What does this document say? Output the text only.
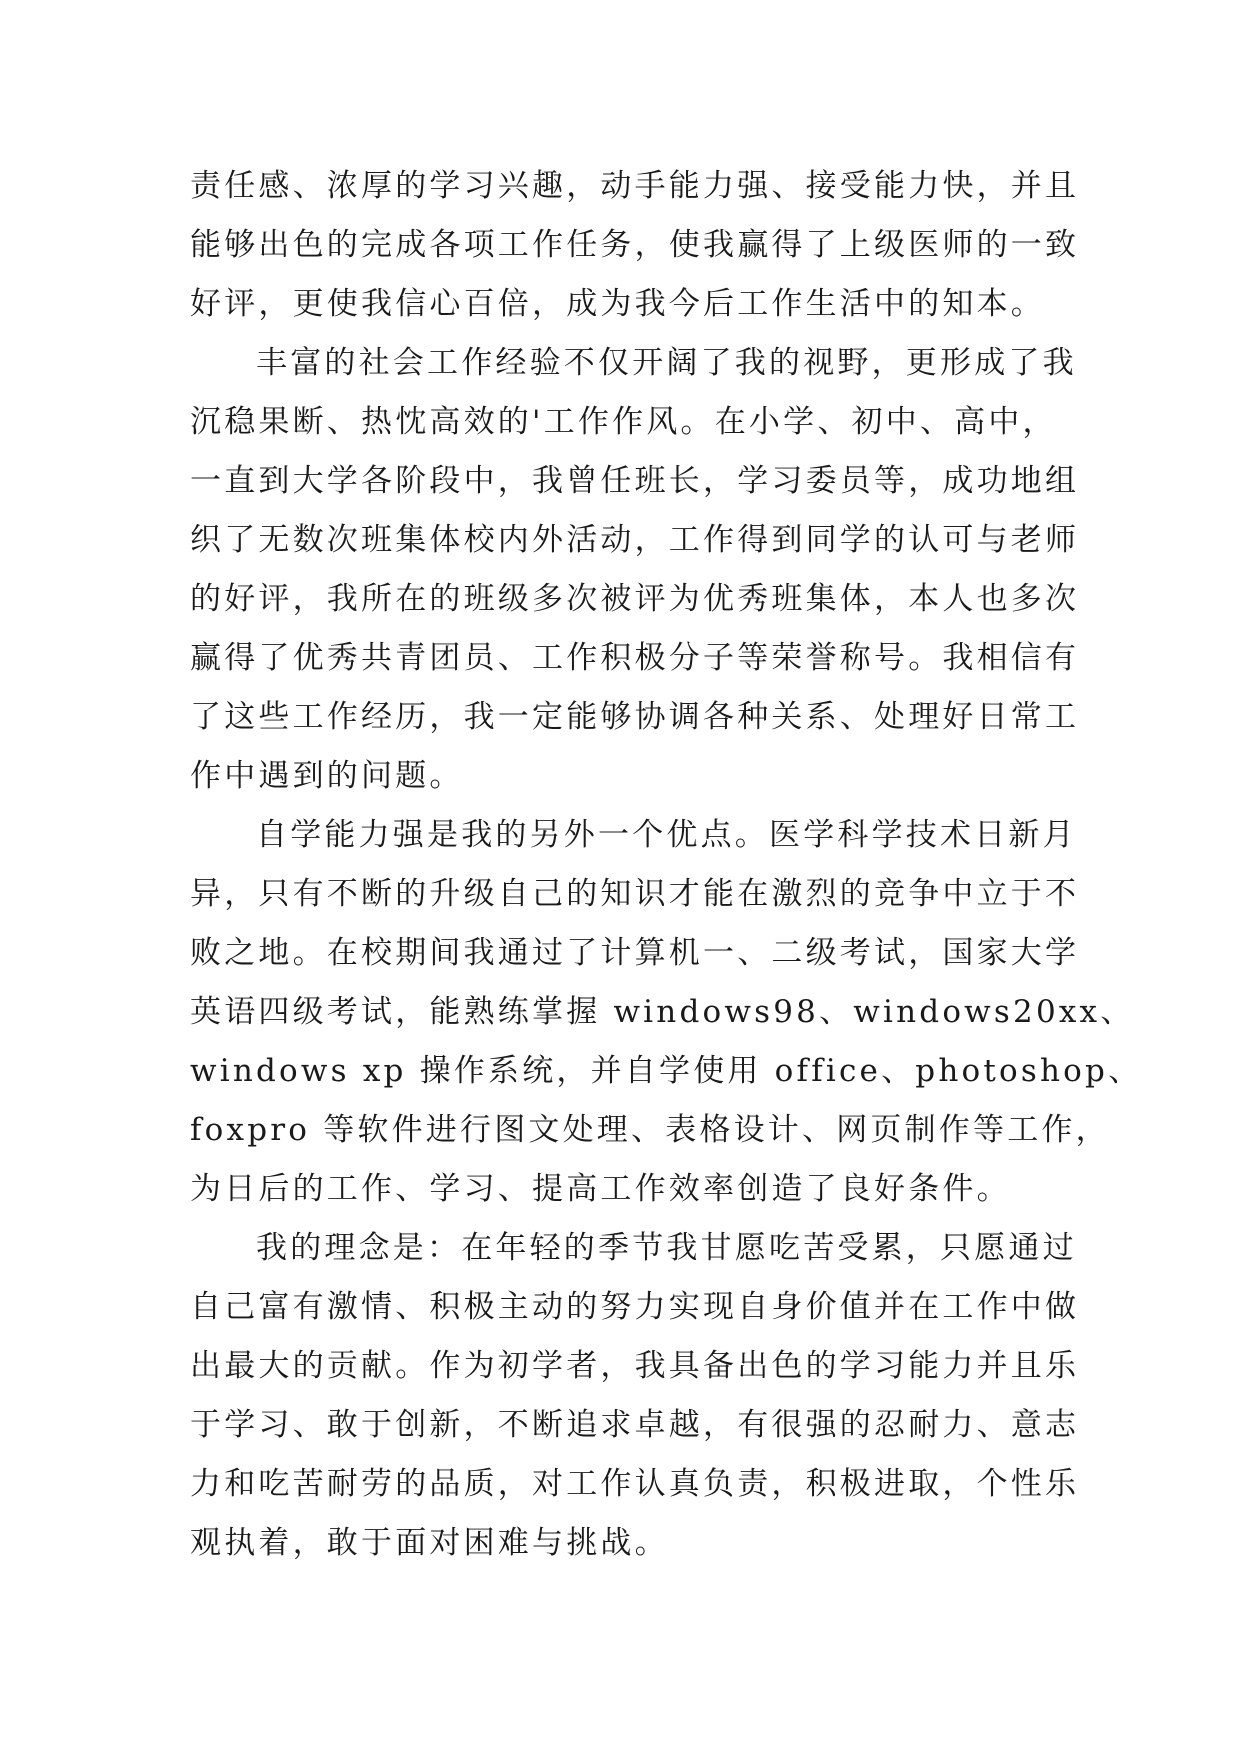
责任感、浓厚的学习兴趣，动手能力强、接受能力快，并且
能够出色的完成各项工作任务，使我赢得了上级医师的一致
好评，更使我信心百倍，成为我今后工作生活中的知本。
丰富的社会工作经验不仅开阔了我的视野，更形成了我
沉稳果断、热忱高效的'工作作风。在小学、初中、高中，
一直到大学各阶段中，我曾任班长，学习委员等，成功地组
织了无数次班集体校内外活动，工作得到同学的认可与老师
的好评，我所在的班级多次被评为优秀班集体，本人也多次
赢得了优秀共青团员、工作积极分子等荣誉称号。我相信有
了这些工作经历，我一定能够协调各种关系、处理好日常工
作中遇到的问题。
自学能力强是我的另外一个优点。医学科学技术日新月
异，只有不断的升级自己的知识才能在激烈的竞争中立于不
败之地。在校期间我通过了计算机一、二级考试，国家大学
英语四级考试，能熟练掌握 windows98、windows20xx、
windows xp 操作系统，并自学使用 office、photoshop、
foxpro 等软件进行图文处理、表格设计、网页制作等工作，
为日后的工作、学习、提高工作效率创造了良好条件。
我的理念是：在年轻的季节我甘愿吃苦受累，只愿通过
自己富有激情、积极主动的努力实现自身价值并在工作中做
出最大的贡献。作为初学者，我具备出色的学习能力并且乐
于学习、敢于创新，不断追求卓越，有很强的忍耐力、意志
力和吃苦耐劳的品质，对工作认真负责，积极进取，个性乐
观执着，敢于面对困难与挑战。
